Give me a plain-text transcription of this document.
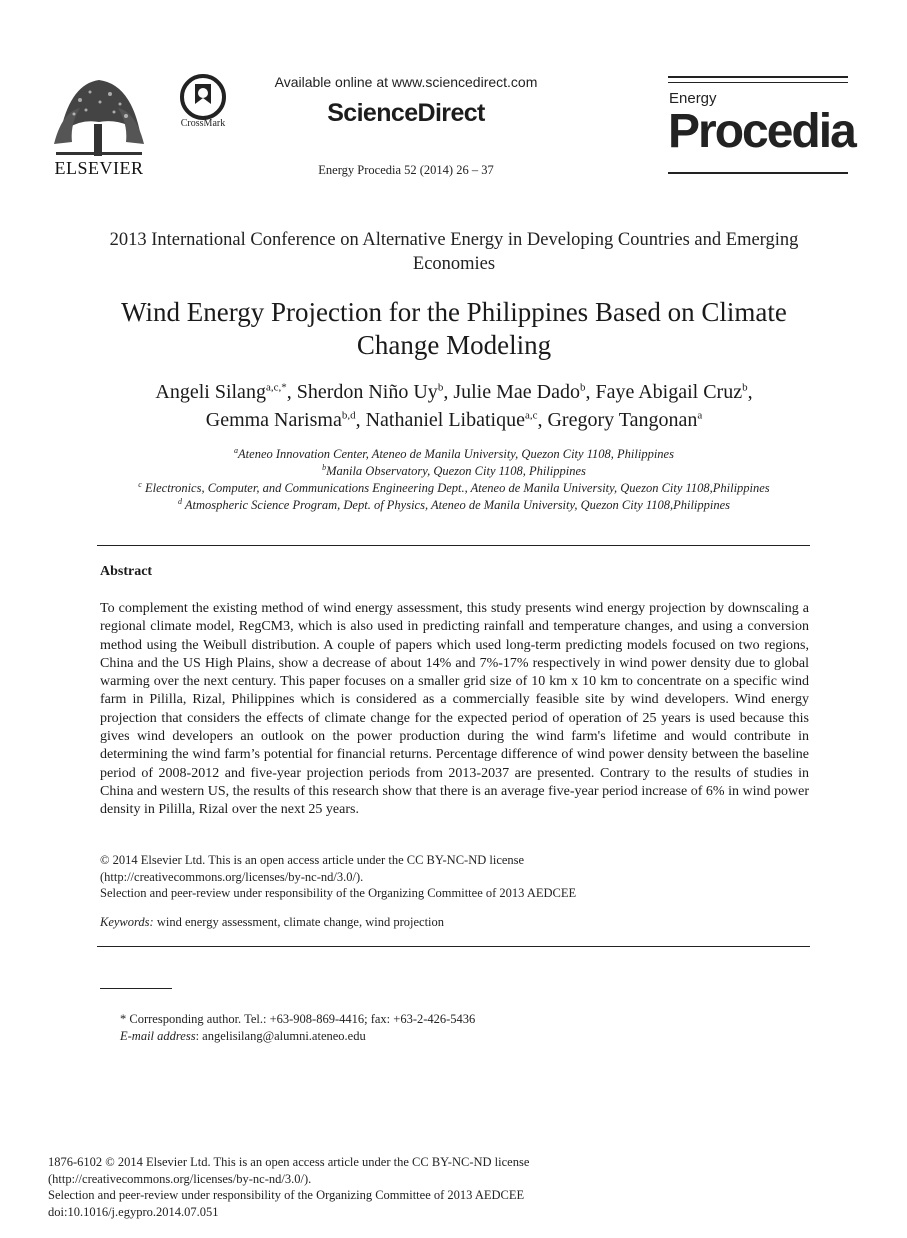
ELSEVIER
CrossMark
Available online at www.sciencedirect.com
ScienceDirect
Energy Procedia 52 (2014) 26 – 37
Energy
Procedia
2013 International Conference on Alternative Energy in Developing Countries and Emerging Economies
Wind Energy Projection for the Philippines Based on Climate Change Modeling
Angeli Silang$^{a,c,*}$, Sherdon Niño Uy$^b$, Julie Mae Dado$^b$, Faye Abigail Cruz$^b$,
Gemma Narisma$^{b,d}$, Nathaniel Libatique$^{a,c}$, Gregory Tangonan$^a$
$^a$Ateneo Innovation Center, Ateneo de Manila University, Quezon City 1108, Philippines
$^b$Manila Observatory, Quezon City 1108, Philippines
$^c$ Electronics, Computer, and Communications Engineering Dept., Ateneo de Manila University, Quezon City 1108,Philippines
$^d$ Atmospheric Science Program, Dept. of Physics, Ateneo de Manila University, Quezon City 1108,Philippines
Abstract
To complement the existing method of wind energy assessment, this study presents wind energy projection by downscaling a regional climate model, RegCM3, which is also used in predicting rainfall and temperature changes, and using a conversion method using the Weibull distribution. A couple of papers which used long-term predicting models focused on two regions, China and the US High Plains, show a decrease of about 14% and 7%-17% respectively in wind power density due to global warming over the next century. This paper focuses on a smaller grid size of 10 km x 10 km to concentrate on a specific wind farm in Pililla, Rizal, Philippines which is considered as a commercially feasible site by wind developers. Wind energy projection that considers the effects of climate change for the expected period of operation of 25 years is used because this gives wind developers an outlook on the power production during the wind farm's lifetime and would contribute in determining the wind farm’s potential for financial returns. Percentage difference of wind power density between the baseline period of 2008-2012 and five-year projection periods from 2013-2037 are presented. Contrary to the results of studies in China and western US, the results of this research show that there is an average five-year period increase of 6% in wind power density in Pililla, Rizal over the next 25 years.
© 2014 Elsevier Ltd. This is an open access article under the CC BY-NC-ND license
(http://creativecommons.org/licenses/by-nc-nd/3.0/).
Selection and peer-review under responsibility of the Organizing Committee of 2013 AEDCEE
Keywords: wind energy assessment, climate change, wind projection
* Corresponding author. Tel.: +63-908-869-4416; fax: +63-2-426-5436
E-mail address: angelisilang@alumni.ateneo.edu
1876-6102 © 2014 Elsevier Ltd. This is an open access article under the CC BY-NC-ND license
(http://creativecommons.org/licenses/by-nc-nd/3.0/).
Selection and peer-review under responsibility of the Organizing Committee of 2013 AEDCEE
doi:10.1016/j.egypro.2014.07.051
